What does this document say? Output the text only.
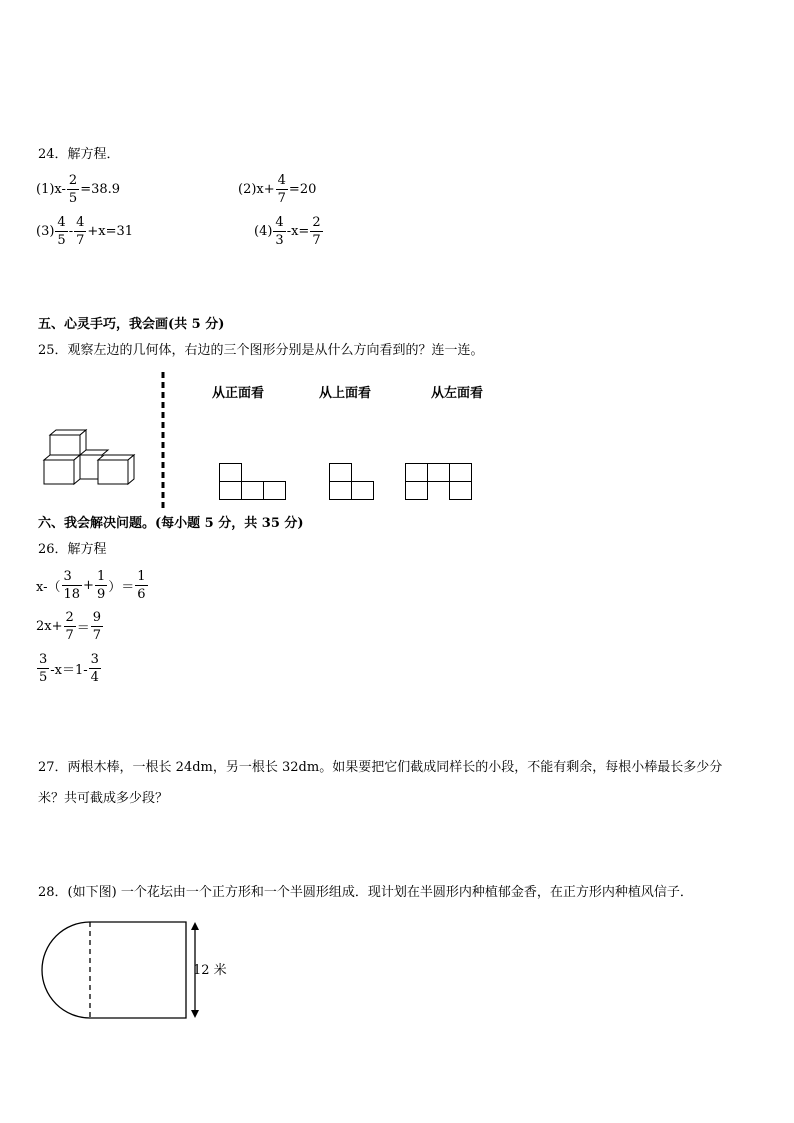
24．解方程．
$(1)x- \frac{2}{5} =38.9$	$(2)x+ \frac{4}{7} =20$
$(3) \frac{4}{5} - \frac{4}{7} +x=31$	$(4) \frac{4}{3} -x= \frac{2}{7}$
五、心灵手巧，我会画(共 5 分)
25．观察左边的几何体，右边的三个图形分别是从什么方向看到的？连一连。
从正面看	从上面看	从左面看
六、我会解决问题。(每小题 5 分，共 35 分)
26．解方程
$x-( \frac{3}{18} + \frac{1}{9}$ ）＝ $\frac{1}{6}$
$2x+ \frac{2}{7} = \frac{9}{7}$
$\frac{3}{5} -x=1- \frac{3}{4}$
27．两根木棒，一根长 24dm，另一根长 32dm。如果要把它们截成同样长的小段，不能有剩余，每根小棒最长多少分
米？共可截成多少段？
28．(如下图) 一个花坛由一个正方形和一个半圆形组成．现计划在半圆形内种植郁金香，在正方形内种植风信子．
12 米
